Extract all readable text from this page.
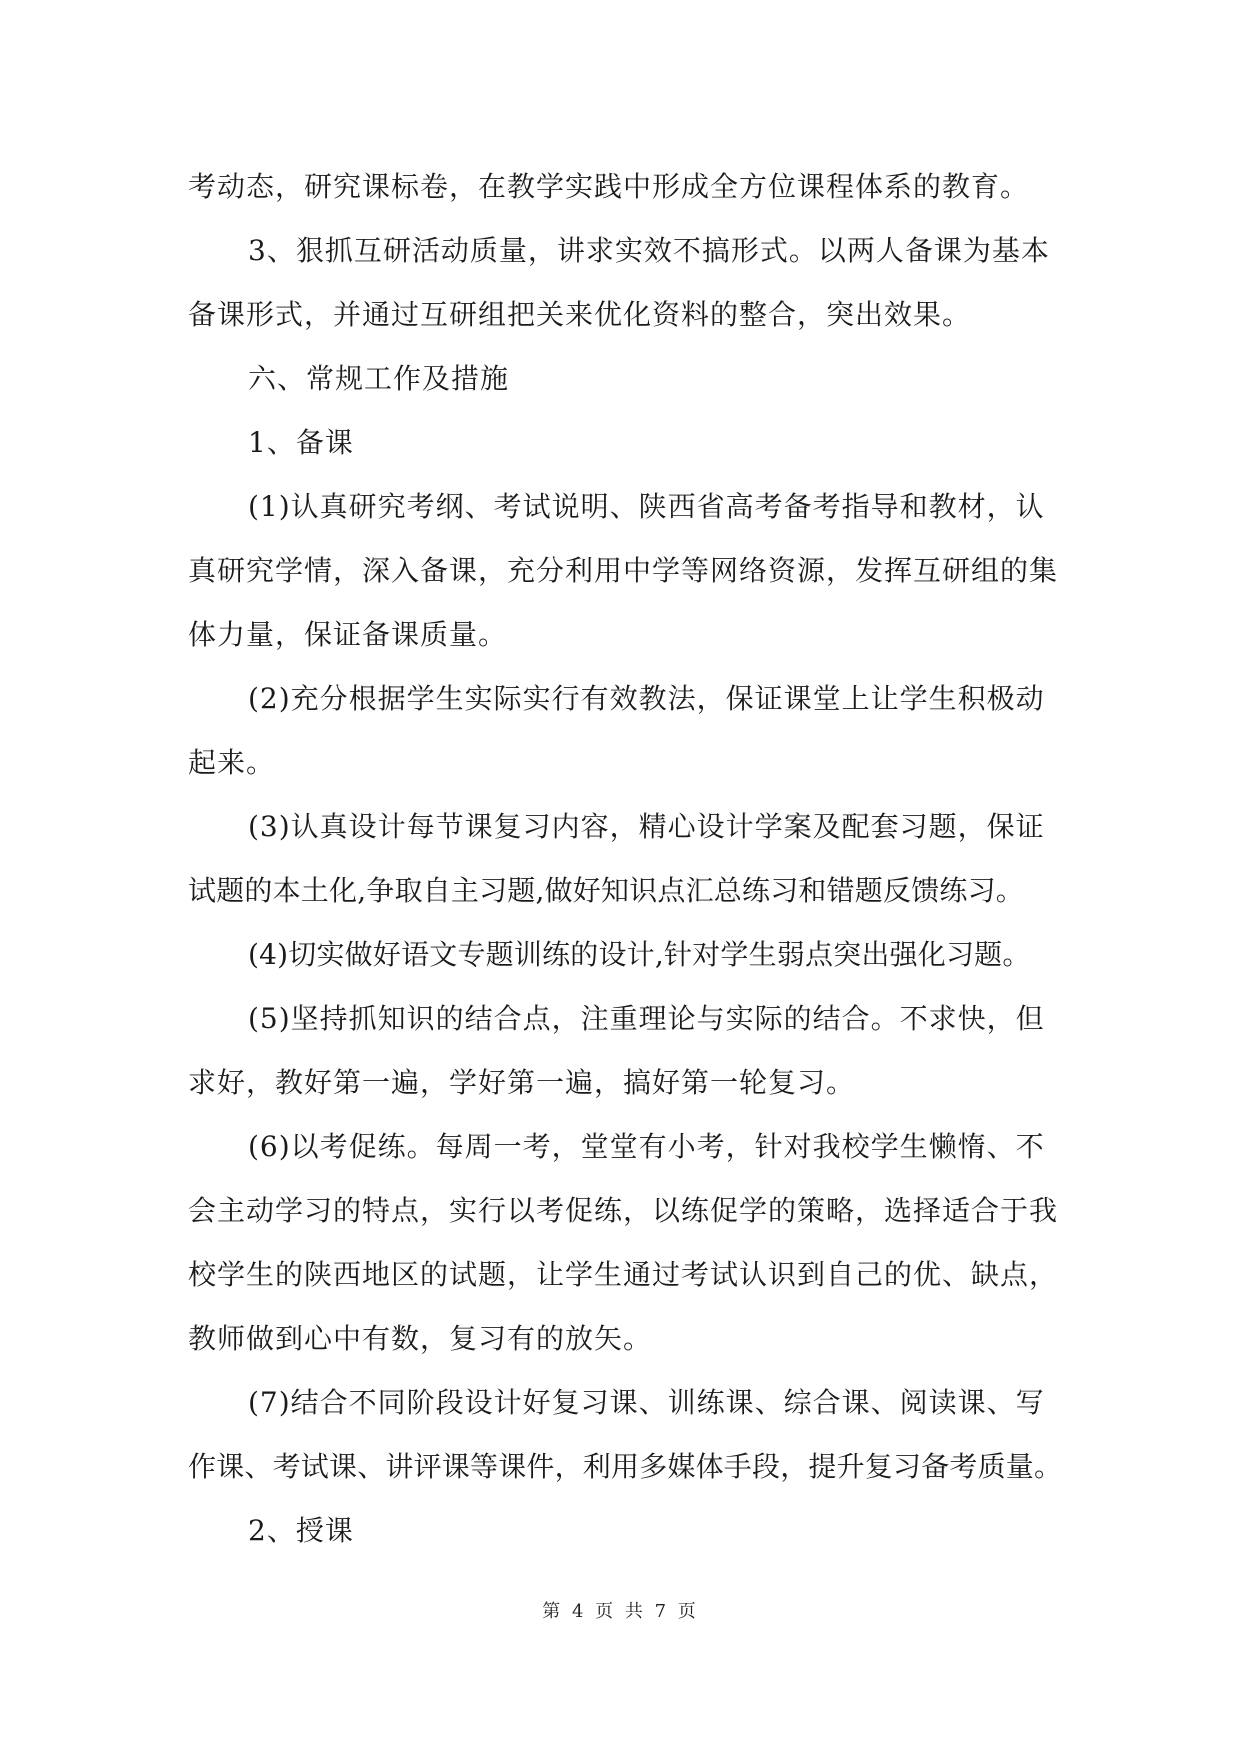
考动态，研究课标卷，在教学实践中形成全方位课程体系的教育。
3、狠抓互研活动质量，讲求实效不搞形式。以两人备课为基本
备课形式，并通过互研组把关来优化资料的整合，突出效果。
六、常规工作及措施
1、备课
(1)认真研究考纲、考试说明、陕西省高考备考指导和教材，认
真研究学情，深入备课，充分利用中学等网络资源，发挥互研组的集
体力量，保证备课质量。
(2)充分根据学生实际实行有效教法，保证课堂上让学生积极动
起来。
(3)认真设计每节课复习内容，精心设计学案及配套习题，保证
试题的本土化,争取自主习题,做好知识点汇总练习和错题反馈练习。
(4)切实做好语文专题训练的设计,针对学生弱点突出强化习题。
(5)坚持抓知识的结合点，注重理论与实际的结合。不求快，但
求好，教好第一遍，学好第一遍，搞好第一轮复习。
(6)以考促练。每周一考，堂堂有小考，针对我校学生懒惰、不
会主动学习的特点，实行以考促练，以练促学的策略，选择适合于我
校学生的陕西地区的试题，让学生通过考试认识到自己的优、缺点，
教师做到心中有数，复习有的放矢。
(7)结合不同阶段设计好复习课、训练课、综合课、阅读课、写
作课、考试课、讲评课等课件，利用多媒体手段，提升复习备考质量。
2、授课
第 4 页 共 7 页
